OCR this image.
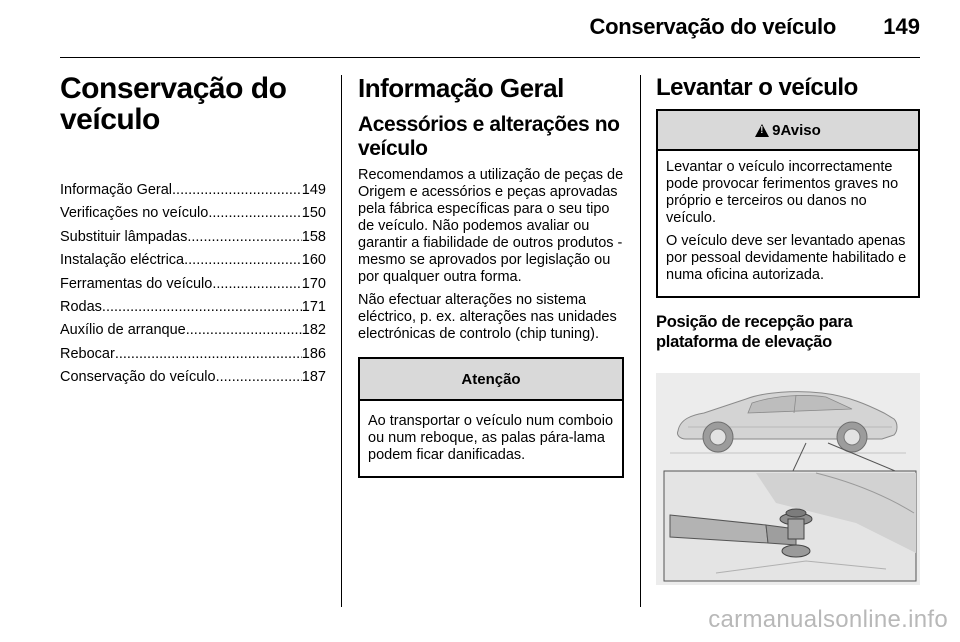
Conservação do veículo 149
Conservação do veículo
Informação Geral .....	149
Verificações no veículo .....	150
Substituir lâmpadas .....	158
Instalação eléctrica .....	160
Ferramentas do veículo .....	170
Rodas .....	171
Auxílio de arranque .....	182
Rebocar .....	186
Conservação do veículo .....	187
Informação Geral
Acessórios e alterações no veículo

Recomendamos a utilização de peças de Origem e acessórios e peças aprovadas pela fábrica específicas para o seu tipo de veículo. Não podemos avaliar ou garantir a fiabilidade de outros produtos - mesmo se aprovados por legislação ou por qualquer outra forma.

Não efectuar alterações no sistema eléctrico, p. ex. alterações nas unidades electrónicas de controlo (chip tuning).

Atenção

Ao transportar o veículo num comboio ou num reboque, as palas pára-lama podem ficar danificadas.

Levantar o veículo
!
9 Aviso

Levantar o veículo incorrectamente pode provocar ferimentos graves no próprio e terceiros ou danos no veículo.

O veículo deve ser levantado apenas por pessoal devidamente habilitado e numa oficina autorizada.

Posição de recepção para plataforma de elevação
carmanualsonline.info
